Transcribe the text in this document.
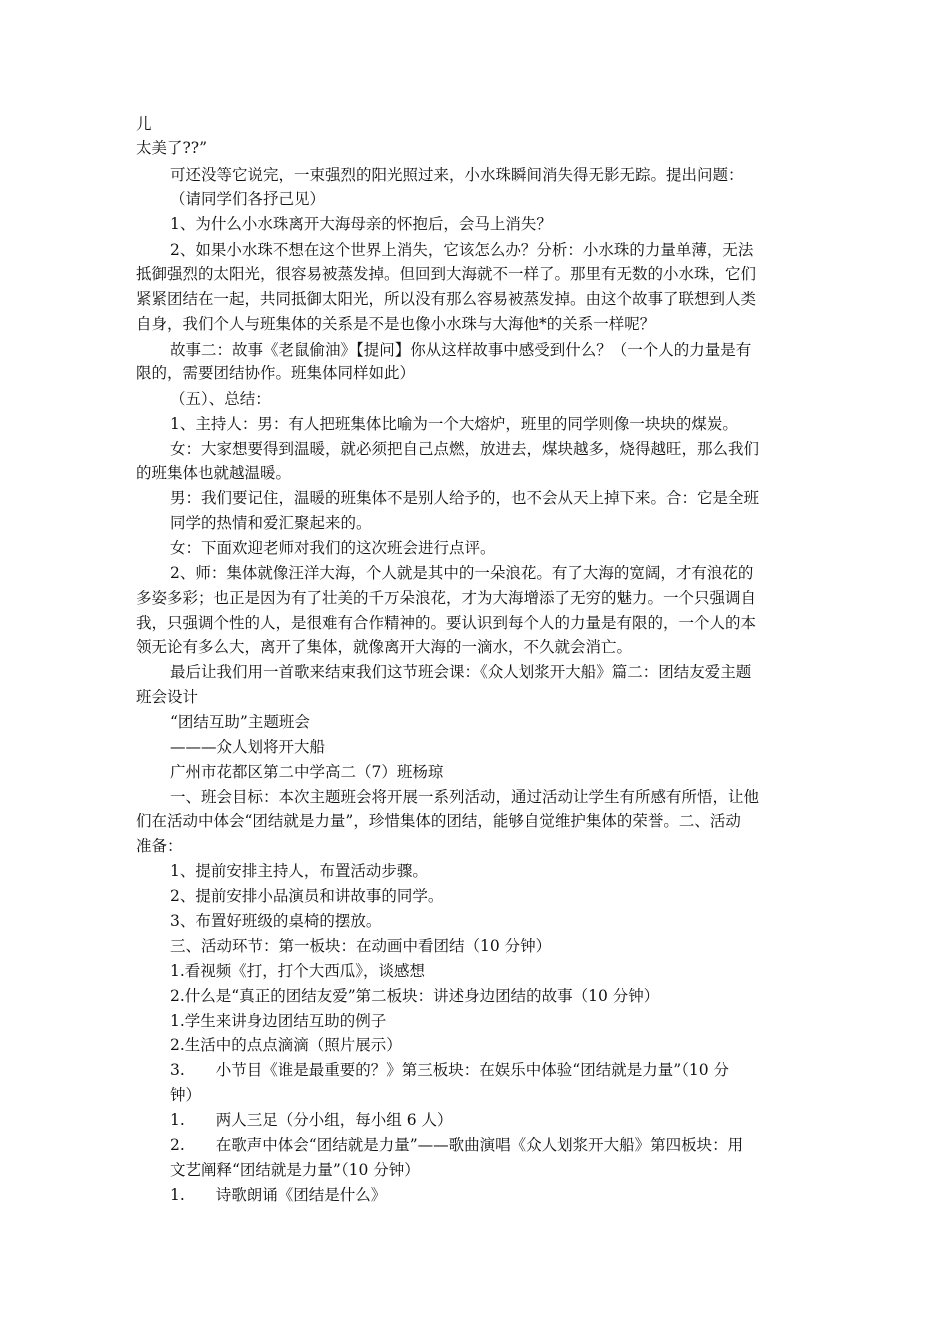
儿
太美了??”
可还没等它说完，一束强烈的阳光照过来，小水珠瞬间消失得无影无踪。提出问题：
（请同学们各抒己见）
1、为什么小水珠离开大海母亲的怀抱后，会马上消失？
2、如果小水珠不想在这个世界上消失，它该怎么办？分析：小水珠的力量单薄，无法
抵御强烈的太阳光，很容易被蒸发掉。但回到大海就不一样了。那里有无数的小水珠，它们
紧紧团结在一起，共同抵御太阳光，所以没有那么容易被蒸发掉。由这个故事了联想到人类
自身，我们个人与班集体的关系是不是也像小水珠与大海他*的关系一样呢？
故事二：故事《老鼠偷油》【提问】你从这样故事中感受到什么？（一个人的力量是有
限的，需要团结协作。班集体同样如此）
（五）、总结：
1、主持人：男：有人把班集体比喻为一个大熔炉，班里的同学则像一块块的煤炭。
女：大家想要得到温暖，就必须把自己点燃，放进去，煤块越多，烧得越旺，那么我们
的班集体也就越温暖。
男：我们要记住，温暖的班集体不是别人给予的，也不会从天上掉下来。合：它是全班
同学的热情和爱汇聚起来的。
女：下面欢迎老师对我们的这次班会进行点评。
2、师：集体就像汪洋大海，个人就是其中的一朵浪花。有了大海的宽阔，才有浪花的
多姿多彩；也正是因为有了壮美的千万朵浪花，才为大海增添了无穷的魅力。一个只强调自
我，只强调个性的人，是很难有合作精神的。要认识到每个人的力量是有限的，一个人的本
领无论有多么大，离开了集体，就像离开大海的一滴水，不久就会消亡。
最后让我们用一首歌来结束我们这节班会课：《众人划浆开大船》篇二：团结友爱主题
班会设计
“团结互助”主题班会
———众人划将开大船
广州市花都区第二中学高二（7）班杨琼
一、班会目标：本次主题班会将开展一系列活动，通过活动让学生有所感有所悟，让他
们在活动中体会“团结就是力量”，珍惜集体的团结，能够自觉维护集体的荣誉。二、活动
准备：
1、提前安排主持人，布置活动步骤。
2、提前安排小品演员和讲故事的同学。
3、布置好班级的桌椅的摆放。
三、活动环节：第一板块：在动画中看团结（10 分钟）
1.看视频《打，打个大西瓜》，谈感想
2.什么是“真正的团结友爱”第二板块：讲述身边团结的故事（10 分钟）
1.学生来讲身边团结互助的例子
2.生活中的点点滴滴（照片展示）
3.　　小节目《谁是最重要的？》第三板块：在娱乐中体验“团结就是力量”（10 分
钟）
1.　　两人三足（分小组，每小组 6 人）
2.　　在歌声中体会“团结就是力量”——歌曲演唱《众人划浆开大船》第四板块：用
文艺阐释“团结就是力量”（10 分钟）
1.　　诗歌朗诵《团结是什么》
